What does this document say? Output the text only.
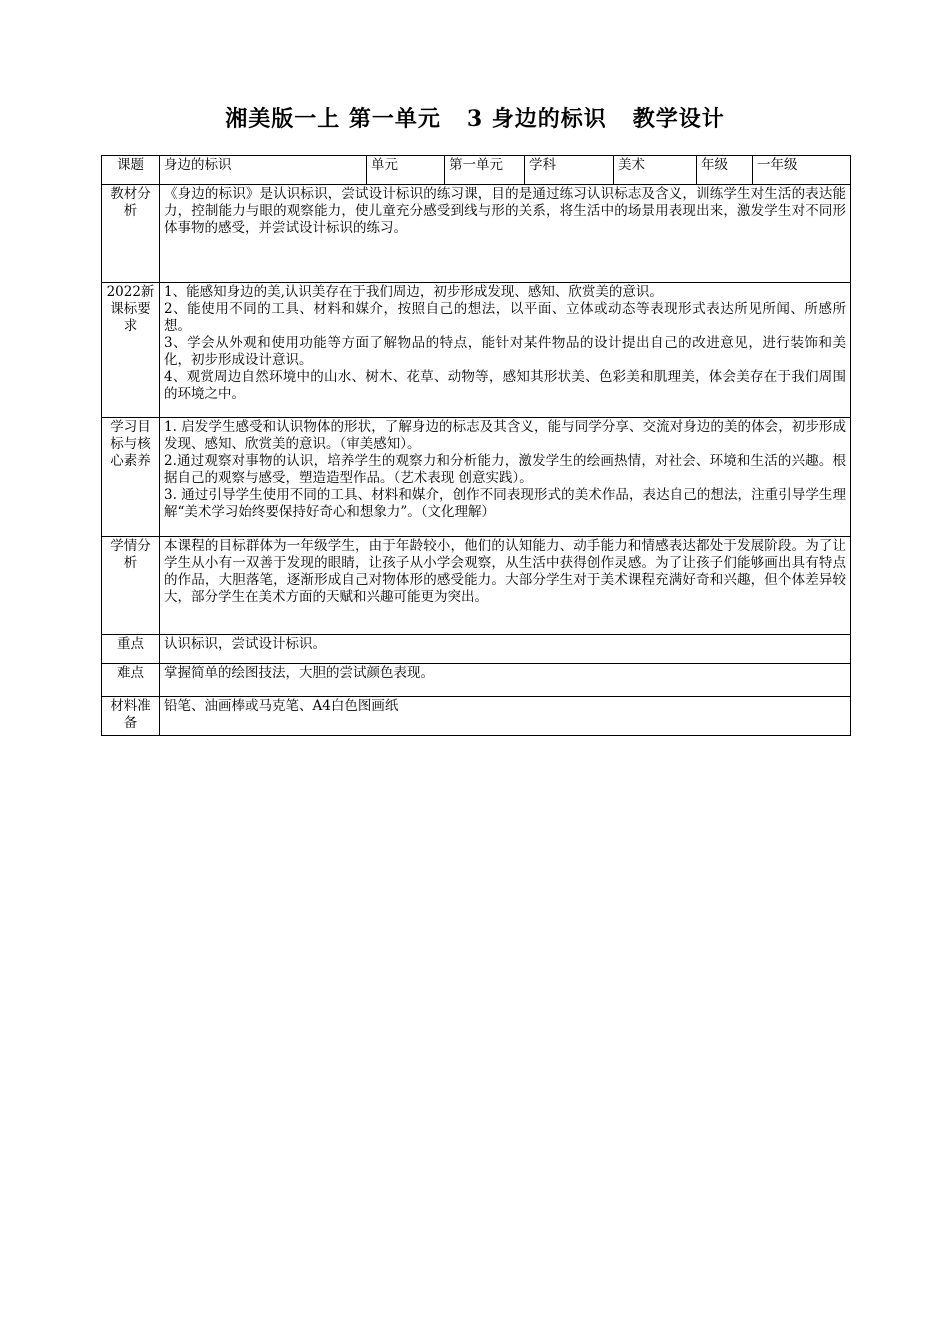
湘美版一上 第一单元   3 身边的标识   教学设计
课题	身边的标识	单元	第一单元	学科	美术	年级	一年级
教材分析	《身边的标识》是认识标识，尝试设计标识的练习课，目的是通过练习认识标志及含义，训练学生对生活的表达能力，控制能力与眼的观察能力，使儿童充分感受到线与形的关系，将生活中的场景用表现出来，激发学生对不同形体事物的感受，并尝试设计标识的练习。						

2022新课标要求	1、能感知身边的美,认识美存在于我们周边，初步形成发现、感知、欣赏美的意识。
2、能使用不同的工具、材料和媒介，按照自己的想法，以平面、立体或动态等表现形式表达所见所闻、所感所想。
3、学会从外观和使用功能等方面了解物品的特点，能针对某件物品的设计提出自己的改进意见，进行装饰和美化，初步形成设计意识。
4、观赏周边自然环境中的山水、树木、花草、动物等，感知其形状美、色彩美和肌理美，体会美存在于我们周围的环境之中。						

学习目标与核心素养	1. 启发学生感受和认识物体的形状，了解身边的标志及其含义，能与同学分享、交流对身边的美的体会，初步形成发现、感知、欣赏美的意识。（审美感知）。
2.通过观察对事物的认识，培养学生的观察力和分析能力，激发学生的绘画热情，对社会、环境和生活的兴趣。根据自己的观察与感受，塑造造型作品。（艺术表现 创意实践）。
3. 通过引导学生使用不同的工具、材料和媒介，创作不同表现形式的美术作品，表达自己的想法，注重引导学生理解“美术学习始终要保持好奇心和想象力”。（文化理解）						

学情分析	本课程的目标群体为一年级学生，由于年龄较小，他们的认知能力、动手能力和情感表达都处于发展阶段。为了让学生从小有一双善于发现的眼睛，让孩子从小学会观察，从生活中获得创作灵感。为了让孩子们能够画出具有特点的作品，大胆落笔，逐渐形成自己对物体形的感受能力。大部分学生对于美术课程充满好奇和兴趣，但个体差异较大，部分学生在美术方面的天赋和兴趣可能更为突出。						

重点	认识标识，尝试设计标识。						

难点	掌握简单的绘图技法，大胆的尝试颜色表现。						

材料准备	铅笔、油画棒或马克笔、A4白色图画纸						
